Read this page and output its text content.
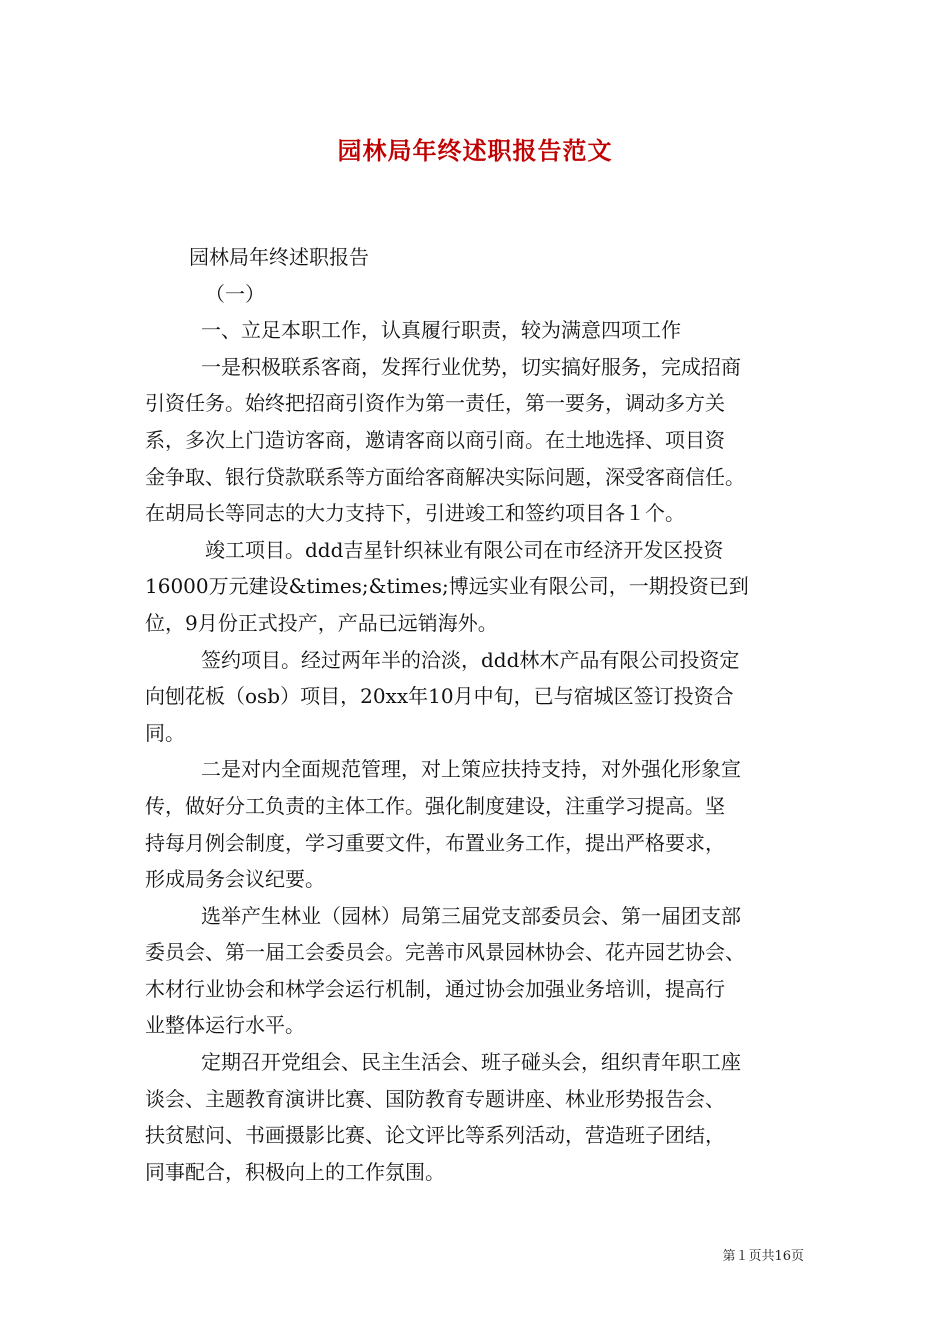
园林局年终述职报告范文
园林局年终述职报告
（一）
一、立足本职工作，认真履行职责，较为满意四项工作
一是积极联系客商，发挥行业优势，切实搞好服务，完成招商
引资任务。始终把招商引资作为第一责任，第一要务，调动多方关
系，多次上门造访客商，邀请客商以商引商。在土地选择、项目资
金争取、银行贷款联系等方面给客商解决实际问题，深受客商信任。
在胡局长等同志的大力支持下，引进竣工和签约项目各１个。
竣工项目。ddd吉星针织袜业有限公司在市经济开发区投资
16000万元建设&times;&times;博远实业有限公司，一期投资已到
位，9月份正式投产，产品已远销海外。
签约项目。经过两年半的洽淡，ddd林木产品有限公司投资定
向刨花板（osb）项目，20xx年10月中旬，已与宿城区签订投资合
同。
二是对内全面规范管理，对上策应扶持支持，对外强化形象宣
传，做好分工负责的主体工作。强化制度建设，注重学习提高。坚
持每月例会制度，学习重要文件，布置业务工作，提出严格要求，
形成局务会议纪要。
选举产生林业（园林）局第三届党支部委员会、第一届团支部
委员会、第一届工会委员会。完善市风景园林协会、花卉园艺协会、
木材行业协会和林学会运行机制，通过协会加强业务培训，提高行
业整体运行水平。
定期召开党组会、民主生活会、班子碰头会，组织青年职工座
谈会、主题教育演讲比赛、国防教育专题讲座、林业形势报告会、
扶贫慰问、书画摄影比赛、论文评比等系列活动，营造班子团结，
同事配合，积极向上的工作氛围。
第１页共16页
